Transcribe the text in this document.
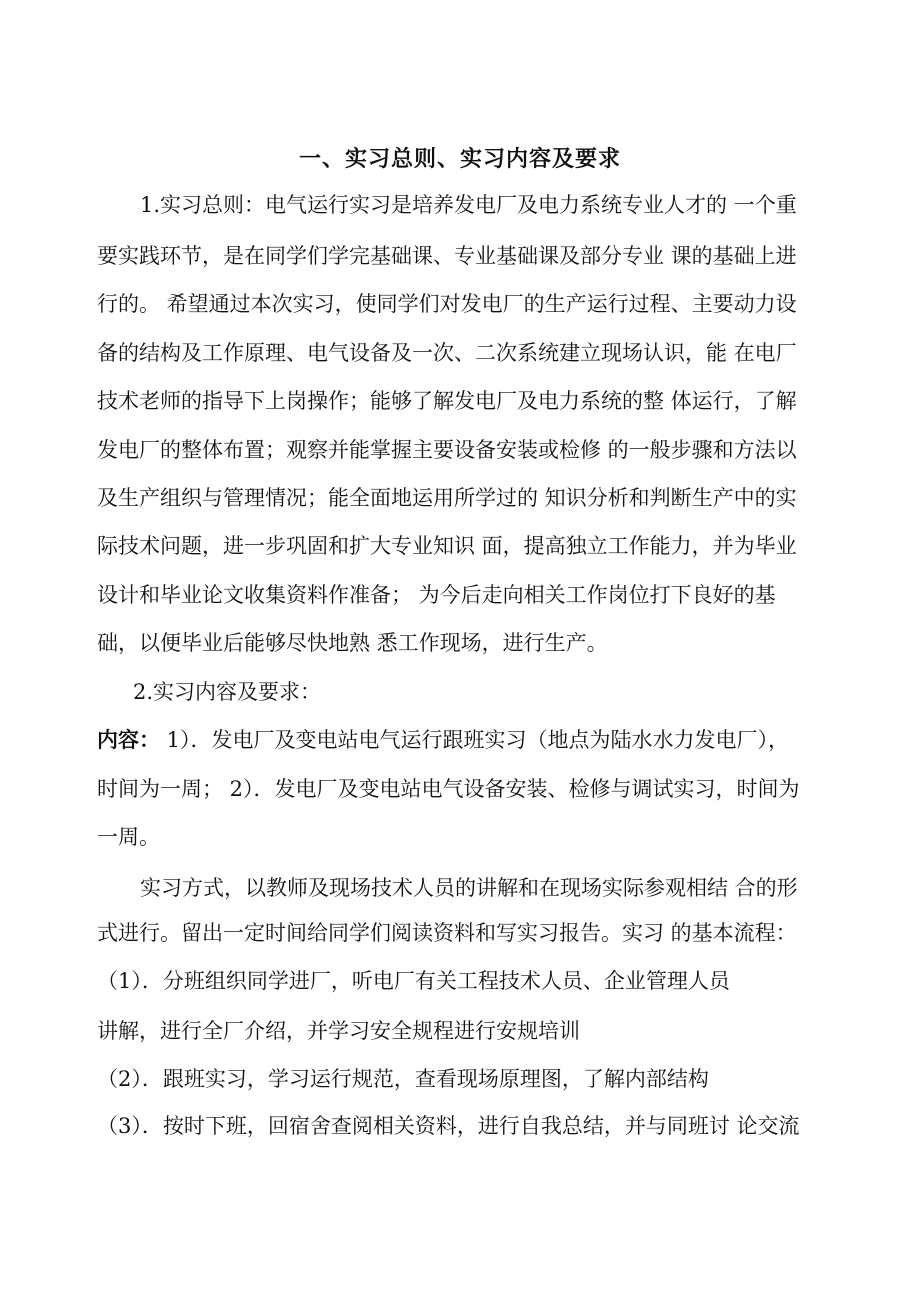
一、实习总则、实习内容及要求
1.实习总则：电气运行实习是培养发电厂及电力系统专业人才的 一个重
要实践环节，是在同学们学完基础课、专业基础课及部分专业 课的基础上进
行的。 希望通过本次实习，使同学们对发电厂的生产运行过程、主要动力设
备的结构及工作原理、电气设备及一次、二次系统建立现场认识，能 在电厂
技术老师的指导下上岗操作；能够了解发电厂及电力系统的整 体运行，了解
发电厂的整体布置；观察并能掌握主要设备安装或检修 的一般步骤和方法以
及生产组织与管理情况；能全面地运用所学过的 知识分析和判断生产中的实
际技术问题，进一步巩固和扩大专业知识 面，提高独立工作能力，并为毕业
设计和毕业论文收集资料作准备； 为今后走向相关工作岗位打下良好的基
础，以便毕业后能够尽快地熟 悉工作现场，进行生产。
2.实习内容及要求：
内容： 1）．发电厂及变电站电气运行跟班实习（地点为陆水水力发电厂），
时间为一周； 2）．发电厂及变电站电气设备安装、检修与调试实习，时间为
一周。
实习方式，以教师及现场技术人员的讲解和在现场实际参观相结 合的形
式进行。留出一定时间给同学们阅读资料和写实习报告。实习 的基本流程：
（1）．分班组织同学进厂，听电厂有关工程技术人员、企业管理人员
讲解，进行全厂介绍，并学习安全规程进行安规培训
（2）．跟班实习，学习运行规范，查看现场原理图，了解内部结构
（3）．按时下班，回宿舍查阅相关资料，进行自我总结，并与同班讨 论交流
